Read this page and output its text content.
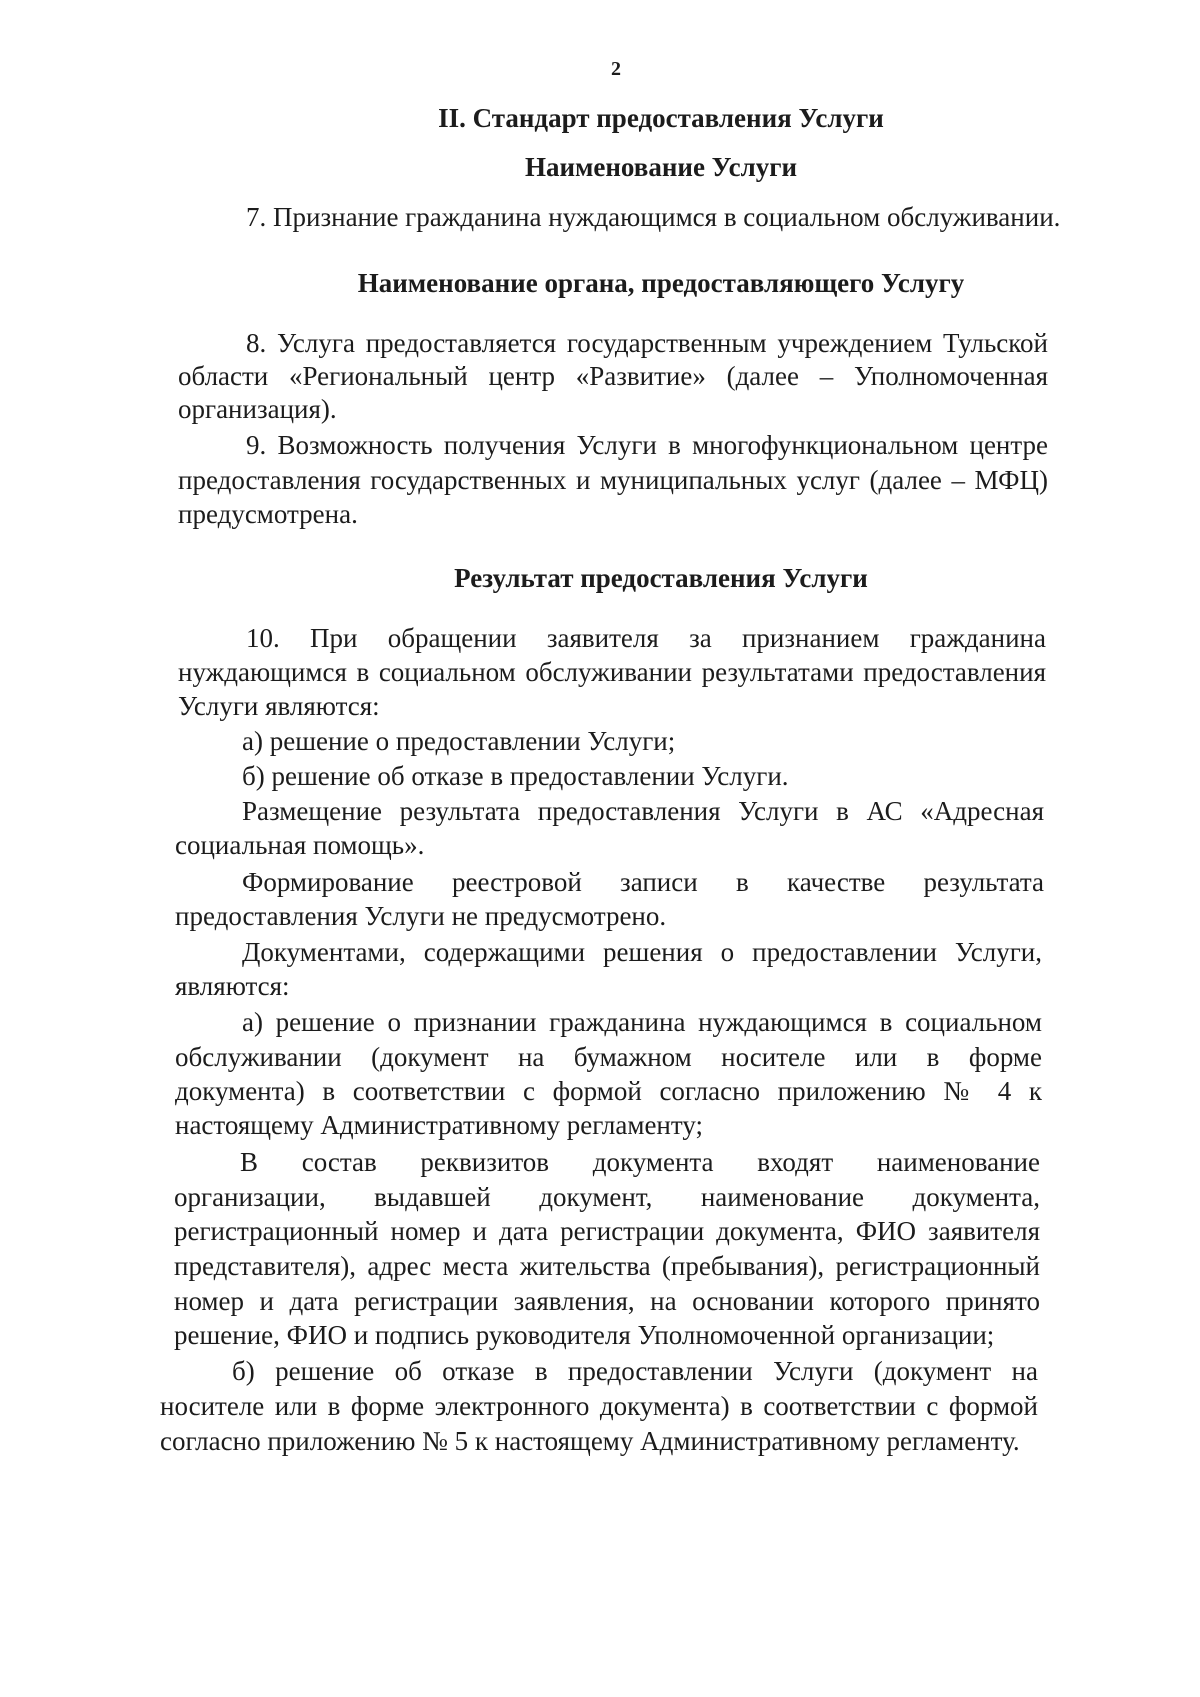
2
II. Стандарт предоставления Услуги
Наименование Услуги
7. Признание гражданина нуждающимся в социальном обслуживании.
Наименование органа, предоставляющего Услугу
8. Услуга предоставляется государственным учреждением Тульской
области «Региональный центр «Развитие» (далее – Уполномоченная
организация).
9. Возможность получения Услуги в многофункциональном центре
предоставления государственных и муниципальных услуг (далее – МФЦ)
предусмотрена.
Результат предоставления Услуги
10. При обращении заявителя за признанием гражданина
нуждающимся в социальном обслуживании результатами предоставления
Услуги являются:
а) решение о предоставлении Услуги;
б) решение об отказе в предоставлении Услуги.
Размещение результата предоставления Услуги в АС «Адресная
социальная помощь».
Формирование реестровой записи в качестве результата
предоставления Услуги не предусмотрено.
Документами, содержащими решения о предоставлении Услуги,
являются:
а) решение о признании гражданина нуждающимся в социальном
обслуживании (документ на бумажном носителе или в форме
документа) в соответствии с формой согласно приложению № 4 к
настоящему Административному регламенту;
В состав реквизитов документа входят наименование
организации, выдавшей документ, наименование документа,
регистрационный номер и дата регистрации документа, ФИО заявителя
представителя), адрес места жительства (пребывания), регистрационный
номер и дата регистрации заявления, на основании которого принято
решение, ФИО и подпись руководителя Уполномоченной организации;
б) решение об отказе в предоставлении Услуги (документ на
носителе или в форме электронного документа) в соответствии с формой
согласно приложению № 5 к настоящему Административному регламенту.
